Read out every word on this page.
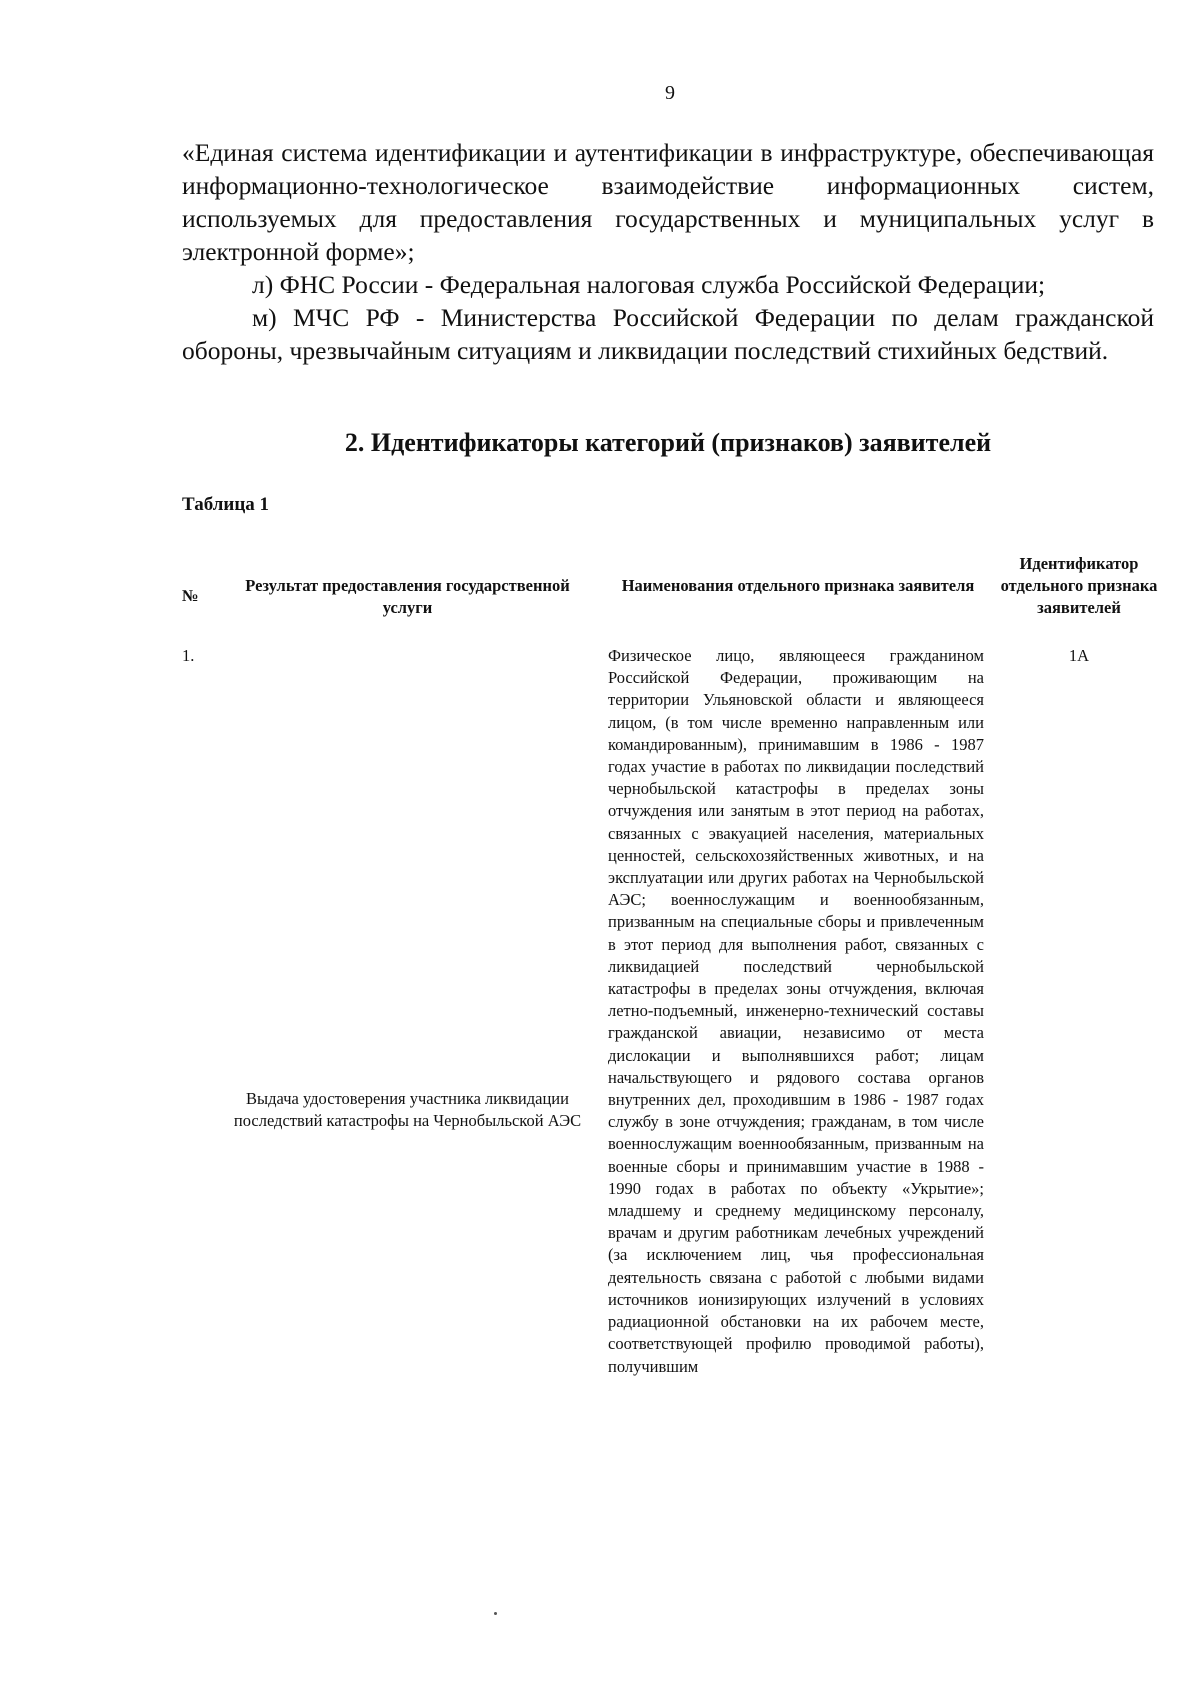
9

«Единая система идентификации и аутентификации в инфраструктуре, обеспечивающая информационно-технологическое взаимодействие информационных систем, используемых для предоставления государственных и муниципальных услуг в электронной форме»;

л) ФНС России - Федеральная налоговая служба Российской Федерации;

м) МЧС РФ - Министерства Российской Федерации по делам гражданской обороны, чрезвычайным ситуациям и ликвидации последствий стихийных бедствий.

2. Идентификаторы категорий (признаков) заявителей
Таблица 1
№
Результат предоставления государственной услуги
Наименования отдельного признака заявителя
Идентификатор отдельного признака заявителей
1.
Выдача удостоверения участника ликвидации последствий катастрофы на Чернобыльской АЭС
Физическое лицо, являющееся гражданином Российской Федерации, проживающим на территории Ульяновской области и являющееся лицом, (в том числе временно направленным или командированным), принимавшим в 1986 - 1987 годах участие в работах по ликвидации последствий чернобыльской катастрофы в пределах зоны отчуждения или занятым в этот период на работах, связанных с эвакуацией населения, материальных ценностей, сельскохозяйственных животных, и на эксплуатации или других работах на Чернобыльской АЭС; военнослужащим и военнообязанным, призванным на специальные сборы и привлеченным в этот период для выполнения работ, связанных с ликвидацией последствий чернобыльской катастрофы в пределах зоны отчуждения, включая летно-подъемный, инженерно-технический составы гражданской авиации, независимо от места дислокации и выполнявшихся работ; лицам начальствующего и рядового состава органов внутренних дел, проходившим в 1986 - 1987 годах службу в зоне отчуждения; гражданам, в том числе военнослужащим военнообязанным, призванным на военные сборы и принимавшим участие в 1988 - 1990 годах в работах по объекту «Укрытие»; младшему и среднему медицинскому персоналу, врачам и другим работникам лечебных учреждений (за исключением лиц, чья профессиональная деятельность связана с работой с любыми видами источников ионизирующих излучений в условиях радиационной обстановки на их рабочем месте, соответствующей профилю проводимой работы), получившим
1А
